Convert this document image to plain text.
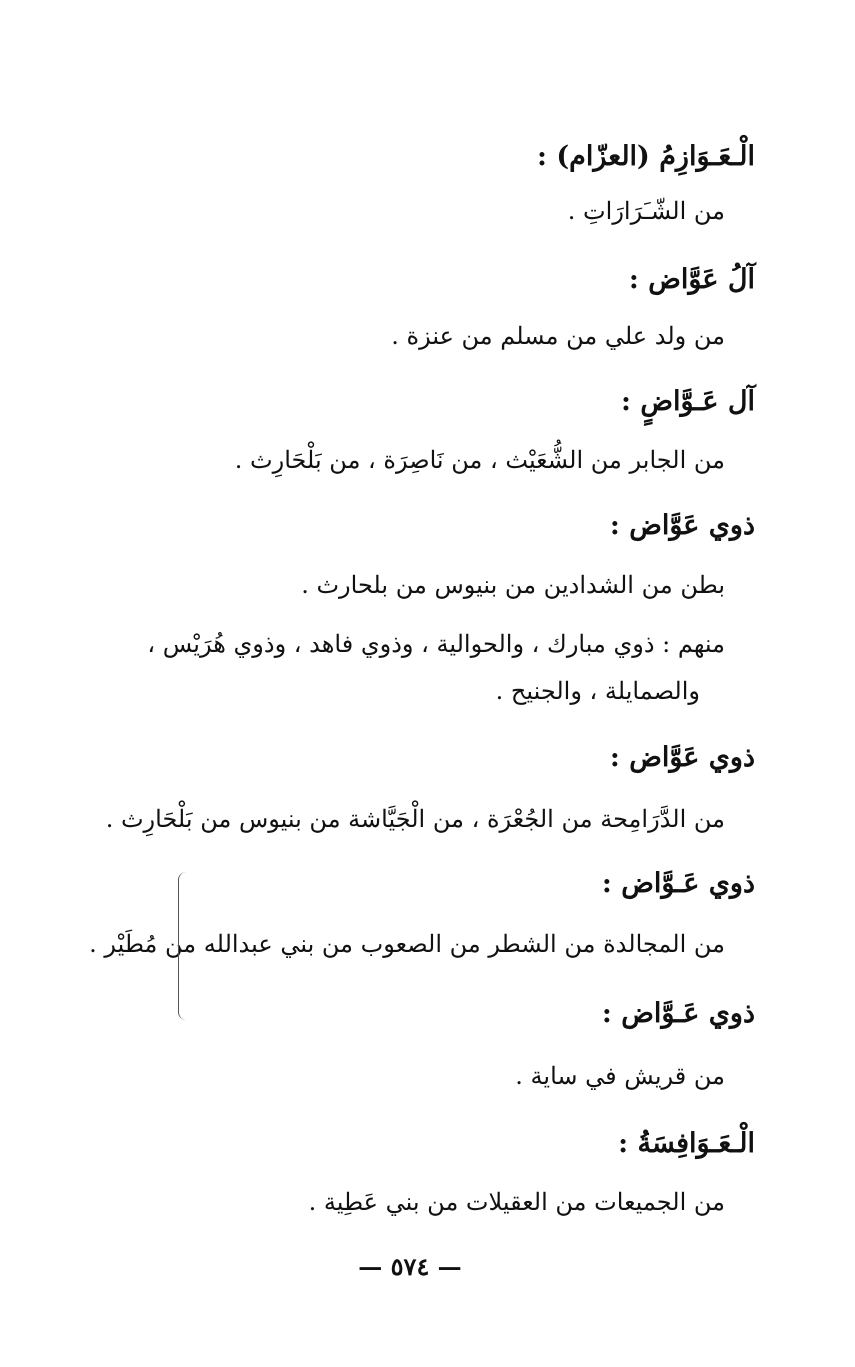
الْـعَـوَازِمُ (العزّام) :
من الشّـَرَارَاتِ .
آلُ عَوَّاض :
من ولد علي من مسلم من عنزة .
آل عَـوَّاضٍ :
من الجابر من الشُّعَيْث ، من نَاصِرَة ، من بَلْحَارِث .
ذوي عَوَّاض :
بطن من الشدادين من بنيوس من بلحارث .
منهم : ذوي مبارك ، والحوالية ، وذوي فاهد ، وذوي هُرَيْس ،
والصمايلة ، والجنيح .
ذوي عَوَّاض :
من الدَّرَامِحة من الجُعْرَة ، من الْجَيَّاشة من بنيوس من بَلْحَارِث .
ذوي عَـوَّاض :
من المجالدة من الشطر من الصعوب من بني عبدالله من مُطَيْر .
ذوي عَـوَّاض :
من قريش في ساية .
الْـعَـوَافِسَةُ :
من الجميعات من العقيلات من بني عَطِية .
— ٥٧٤ —
